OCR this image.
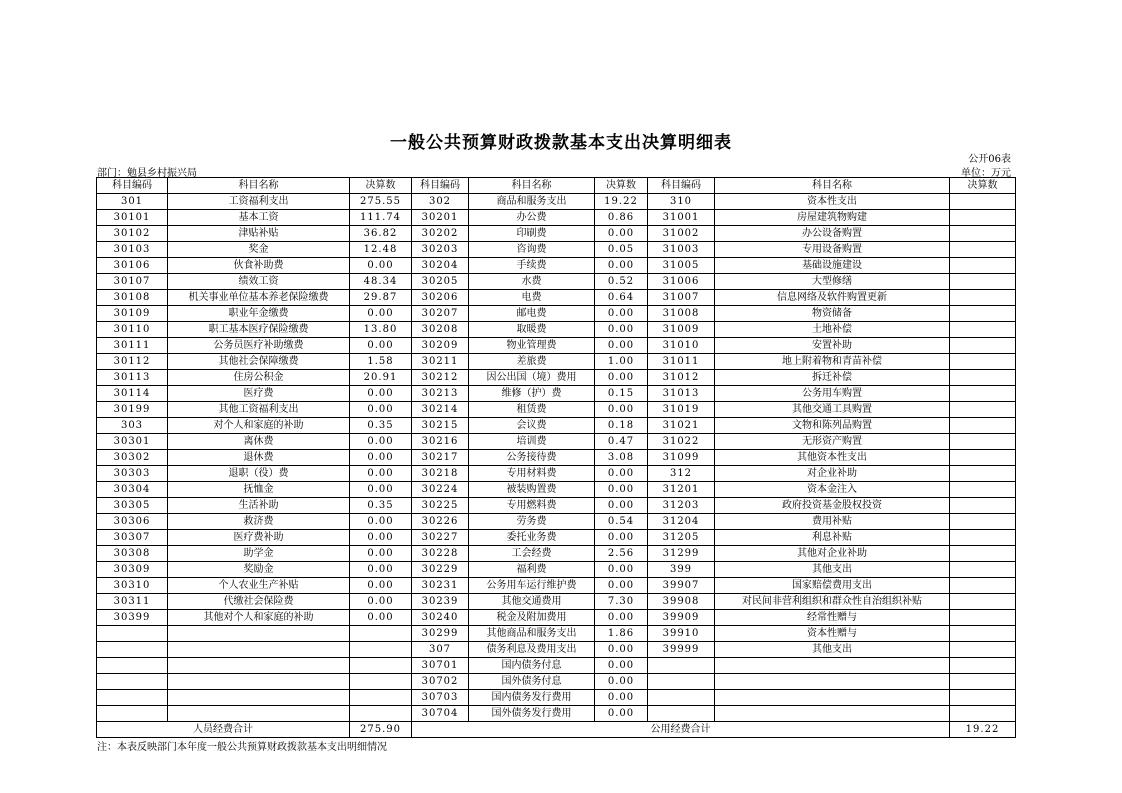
一般公共预算财政拨款基本支出决算明细表
公开06表
部门：勉县乡村振兴局	单位：万元
科目编码	科目名称	决算数	科目编码	科目名称	决算数	科目编码	科目名称	决算数
301	工资福利支出	275.55	302	商品和服务支出	19.22	310	资本性支出	
30101	基本工资	111.74	30201	办公费	0.86	31001	房屋建筑物购建	
30102	津贴补贴	36.82	30202	印刷费	0.00	31002	办公设备购置	
30103	奖金	12.48	30203	咨询费	0.05	31003	专用设备购置	
30106	伙食补助费	0.00	30204	手续费	0.00	31005	基础设施建设	
30107	绩效工资	48.34	30205	水费	0.52	31006	大型修缮	
30108	机关事业单位基本养老保险缴费	29.87	30206	电费	0.64	31007	信息网络及软件购置更新	
30109	职业年金缴费	0.00	30207	邮电费	0.00	31008	物资储备	
30110	职工基本医疗保险缴费	13.80	30208	取暖费	0.00	31009	土地补偿	
30111	公务员医疗补助缴费	0.00	30209	物业管理费	0.00	31010	安置补助	
30112	其他社会保障缴费	1.58	30211	差旅费	1.00	31011	地上附着物和青苗补偿	
30113	住房公积金	20.91	30212	因公出国（境）费用	0.00	31012	拆迁补偿	
30114	医疗费	0.00	30213	维修（护）费	0.15	31013	公务用车购置	
30199	其他工资福利支出	0.00	30214	租赁费	0.00	31019	其他交通工具购置	
303	对个人和家庭的补助	0.35	30215	会议费	0.18	31021	文物和陈列品购置	
30301	离休费	0.00	30216	培训费	0.47	31022	无形资产购置	
30302	退休费	0.00	30217	公务接待费	3.08	31099	其他资本性支出	
30303	退职（役）费	0.00	30218	专用材料费	0.00	312	对企业补助	
30304	抚恤金	0.00	30224	被装购置费	0.00	31201	资本金注入	
30305	生活补助	0.35	30225	专用燃料费	0.00	31203	政府投资基金股权投资	
30306	救济费	0.00	30226	劳务费	0.54	31204	费用补贴	
30307	医疗费补助	0.00	30227	委托业务费	0.00	31205	利息补贴	
30308	助学金	0.00	30228	工会经费	2.56	31299	其他对企业补助	
30309	奖励金	0.00	30229	福利费	0.00	399	其他支出	
30310	个人农业生产补贴	0.00	30231	公务用车运行维护费	0.00	39907	国家赔偿费用支出	
30311	代缴社会保险费	0.00	30239	其他交通费用	7.30	39908	对民间非营利组织和群众性自治组织补贴	
30399	其他对个人和家庭的补助	0.00	30240	税金及附加费用	0.00	39909	经常性赠与	
			30299	其他商品和服务支出	1.86	39910	资本性赠与	
			307	债务利息及费用支出	0.00	39999	其他支出	
			30701	国内债务付息	0.00			
			30702	国外债务付息	0.00			
			30703	国内债务发行费用	0.00			
			30704	国外债务发行费用	0.00			
人员经费合计		275.90	公用经费合计					19.22
注：本表反映部门本年度一般公共预算财政拨款基本支出明细情况
